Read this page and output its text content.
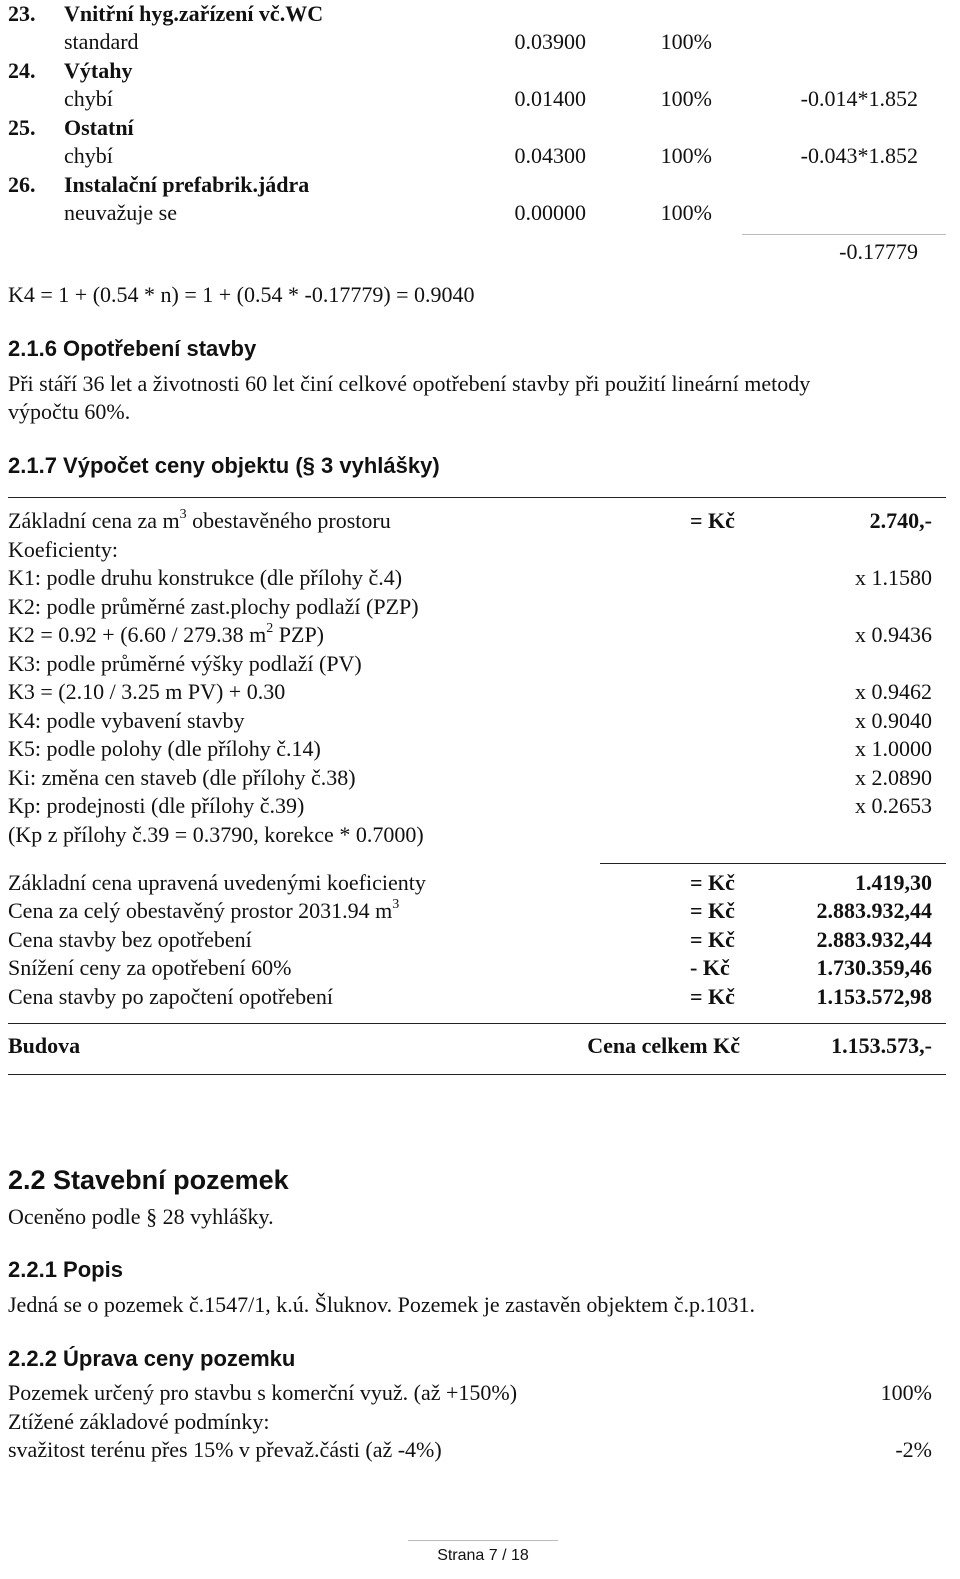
23. Vnitřní hyg.zařízení vč.WC
standard	0.03900	100%
24. Výtahy
chybí	0.01400	100%	-0.014*1.852
25. Ostatní
chybí	0.04300	100%	-0.043*1.852
26. Instalační prefabrik.jádra
neuvažuje se	0.00000	100%
-0.17779
K4 = 1 + (0.54 * n) = 1 + (0.54 * -0.17779) = 0.9040
2.1.6 Opotřebení stavby
Při stáří 36 let a životnosti 60 let činí celkové opotřebení stavby při použití lineární metody
výpočtu 60%.
2.1.7 Výpočet ceny objektu (§ 3 vyhlášky)
Základní cena za $m^3$ obestavěného prostoru	= Kč	2.740,-
Koeficienty:
K1: podle druhu konstrukce (dle přílohy č.4)	x 1.1580
K2: podle průměrné zast.plochy podlaží (PZP)
K2 = 0.92 + (6.60 / 279.38 $m^2$ PZP)	x 0.9436
K3: podle průměrné výšky podlaží (PV)
K3 = (2.10 / 3.25 m PV) + 0.30	x 0.9462
K4: podle vybavení stavby	x 0.9040
K5: podle polohy (dle přílohy č.14)	x 1.0000
Ki: změna cen staveb (dle přílohy č.38)	x 2.0890
Kp: prodejnosti (dle přílohy č.39)	x 0.2653
(Kp z přílohy č.39 = 0.3790, korekce * 0.7000)
Základní cena upravená uvedenými koeficienty	= Kč	1.419,30
Cena za celý obestavěný prostor 2031.94 $m^3$	= Kč	2.883.932,44
Cena stavby bez opotřebení	= Kč	2.883.932,44
Snížení ceny za opotřebení 60%	- Kč	1.730.359,46
Cena stavby po započtení opotřebení	= Kč	1.153.572,98
Budova	Cena celkem Kč	1.153.573,-
2.2 Stavební pozemek
Oceněno podle § 28 vyhlášky.
2.2.1 Popis
Jedná se o pozemek č.1547/1, k.ú. Šluknov. Pozemek je zastavěn objektem č.p.1031.
2.2.2 Úprava ceny pozemku
Pozemek určený pro stavbu s komerční využ. (až +150%)	100%
Ztížené základové podmínky:
svažitost terénu přes 15% v převaž.části (až -4%)	-2%
Strana 7 / 18
